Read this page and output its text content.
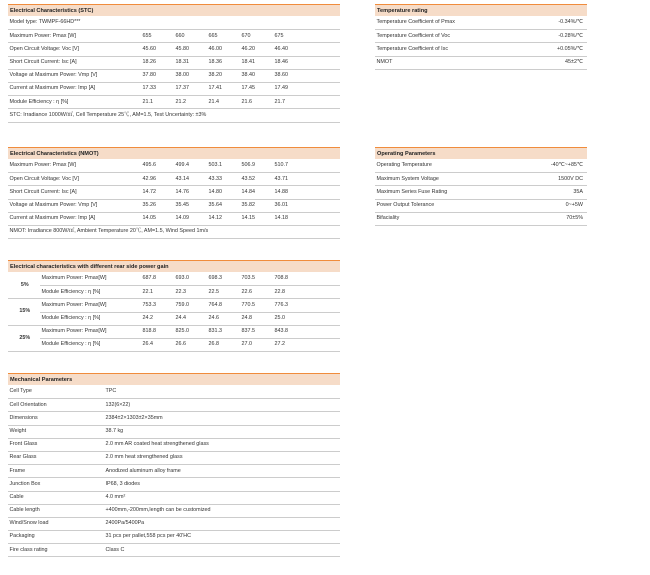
Electrical Characteristics (STC)
Model type: TWMPF-66HD***					
Maximum Power: Pmax [W]	655	660	665	670	675
Open Circuit Voltage: Voc [V]	45.60	45.80	46.00	46.20	46.40
Short Circuit Current: Isc [A]	18.26	18.31	18.36	18.41	18.46
Voltage at Maximum Power: Vmp [V]	37.80	38.00	38.20	38.40	38.60
Current at Maximum Power: Imp [A]	17.33	17.37	17.41	17.45	17.49
Module Efficiency : η [%]	21.1	21.2	21.4	21.6	21.7
STC: Irradiance 1000W/㎡, Cell Temperature 25℃, AM=1.5, Test Uncertainty: ±3%					
Temperature rating
Temperature Coefficient of Pmax	-0.34%/℃
Temperature Coefficient of Voc	-0.28%/℃
Temperature Coefficient of Isc	+0.05%/℃
NMOT	45±2℃
Electrical Characteristics (NMOT)
Maximum Power: Pmax [W]	495.6	499.4	503.1	506.9	510.7
Open Circuit Voltage: Voc [V]	42.96	43.14	43.33	43.52	43.71
Short Circuit Current: Isc [A]	14.72	14.76	14.80	14.84	14.88
Voltage at Maximum Power: Vmp [V]	35.26	35.45	35.64	35.82	36.01
Current at Maximum Power: Imp [A]	14.05	14.09	14.12	14.15	14.18
NMOT: Irradiance 800W/㎡, Ambient Temperature 20℃, AM=1.5, Wind Speed 1m/s					
Operating Parameters
Operating Temperature	-40℃~+85℃
Maximum System Voltage	1500V DC
Maximum Series Fuse Rating	35A
Power Output Tolerance	0~+5W
Bifaciality	70±5%
Electrical characteristics with different rear side power gain
5%	Maximum Power: Pmax[W]	687.8	693.0	698.3	703.5	708.8
	Module Efficiency : η [%]	22.1	22.3	22.5	22.6	22.8
15%	Maximum Power: Pmax[W]	753.3	759.0	764.8	770.5	776.3
	Module Efficiency : η [%]	24.2	24.4	24.6	24.8	25.0
25%	Maximum Power: Pmax[W]	818.8	825.0	831.3	837.5	843.8
	Module Efficiency : η [%]	26.4	26.6	26.8	27.0	27.2
Mechanical Parameters
Cell Type	TPC
Cell Orientation	132(6×22)
Dimensions	2384±2×1303±2×35mm
Weight	38.7 kg
Front Glass	2.0 mm AR coated heat strengthened glass
Rear Glass	2.0 mm heat strengthened glass
Frame	Anodized aluminum alloy frame
Junction Box	IP68, 3 diodes
Cable	4.0 mm²
Cable length	+400mm,-200mm,length can be customized
Wind/Snow load	2400Pa/5400Pa
Packaging	31 pcs per pallet,558 pcs per 40'HC
Fire class rating	Class C
